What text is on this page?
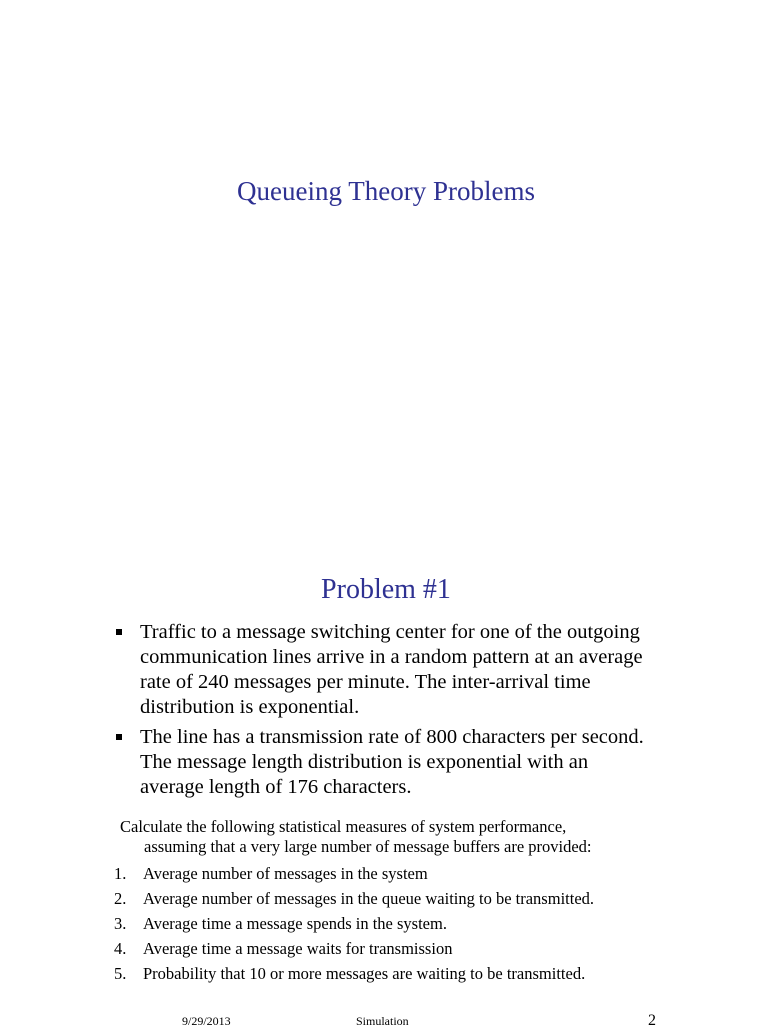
Queueing Theory Problems
Problem #1
Traffic to a message switching center for one of the outgoing communication lines arrive in a random pattern at an average rate of 240 messages per minute. The inter-arrival time distribution is exponential.
The line has a transmission rate of 800 characters per second. The message length distribution is exponential with an average length of 176 characters.

Calculate the following statistical measures of system performance,
assuming that a very large number of message buffers are provided:

1. Average number of messages in the system
2. Average number of messages in the queue waiting to be transmitted.
3. Average time a message spends in the system.
4. Average time a message waits for transmission
5. Probability that 10 or more messages are waiting to be transmitted.
9/29/2013	Simulation	2
